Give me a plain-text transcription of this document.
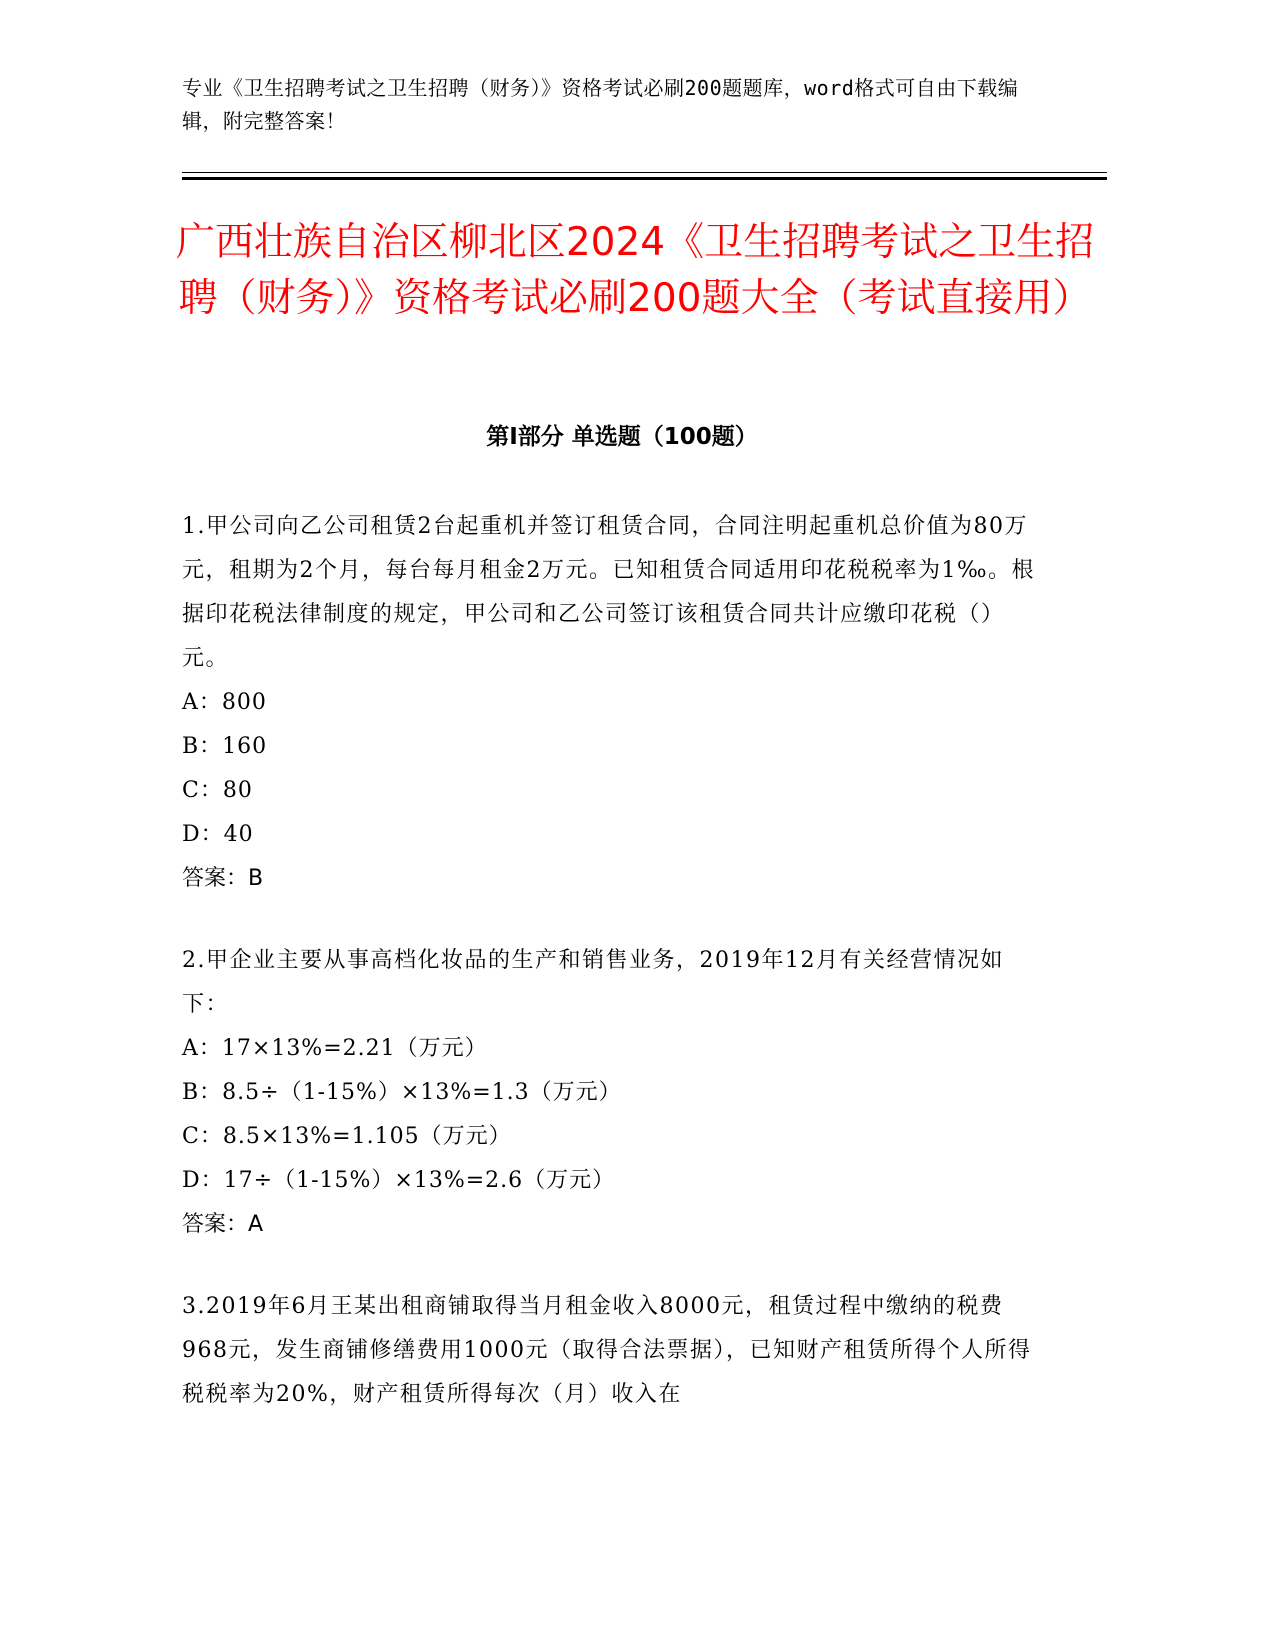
专业《卫生招聘考试之卫生招聘（财务）》资格考试必刷200题题库，word格式可自由下载编辑，附完整答案！
广西壮族自治区柳北区2024《卫生招聘考试之卫生招聘（财务）》资格考试必刷200题大全（考试直接用）
第Ⅰ部分 单选题（100题）

1.甲公司向乙公司租赁2台起重机并签订租赁合同，合同注明起重机总价值为80万元，租期为2个月，每台每月租金2万元。已知租赁合同适用印花税税率为1‰。根据印花税法律制度的规定，甲公司和乙公司签订该租赁合同共计应缴印花税（）元。

A：800

B：160

C：80

D：40

答案：B

2.甲企业主要从事高档化妆品的生产和销售业务，2019年12月有关经营情况如下：

A：17×13%=2.21（万元）

B：8.5÷（1-15%）×13%=1.3（万元）

C：8.5×13%=1.105（万元）

D：17÷（1-15%）×13%=2.6（万元）

答案：A

3.2019年6月王某出租商铺取得当月租金收入8000元，租赁过程中缴纳的税费968元，发生商铺修缮费用1000元（取得合法票据），已知财产租赁所得个人所得税税率为20%，财产租赁所得每次（月）收入在
